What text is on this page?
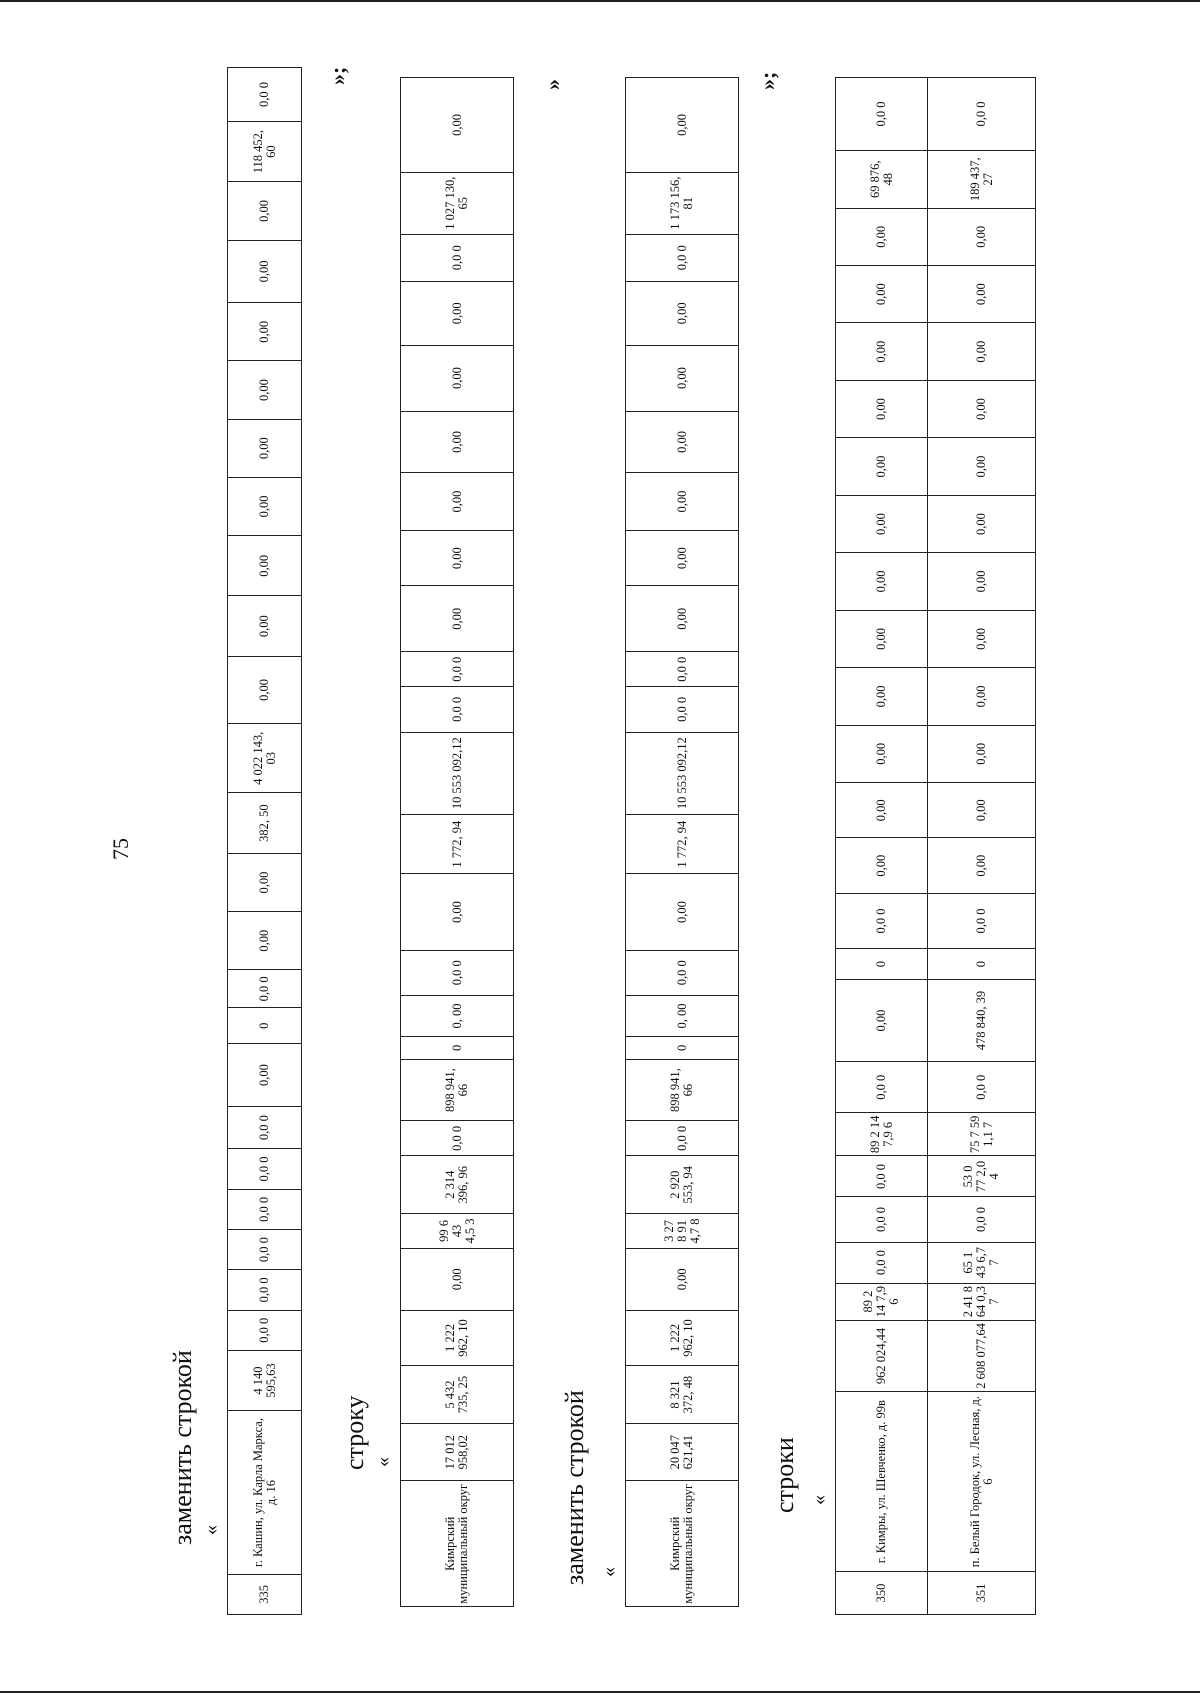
75
заменить строкой «
»;
335	г. Кашин, ул. Карла Маркса, д. 16		4 140 595,63	0,0 0	0,0 0	0,0 0	0,0 0	0,0 0	0,0 0	0,00	0	0,0 0	0,00	0,00	382, 50	4 022 143, 03	0,00	0,00	0,00	0,00	0,00	0,00	0,00	0,00	0,00	118 452, 60	0,0 0
строку «
»
	Кимрский муниципальный округ	17 012 958,02	5 432 735, 25	1 222 962, 10	0,00		99 6 43 4,5 3	2 314 396, 96	0,0 0	898 941, 66	0	0, 00	0,0 0	0,00	1 772, 94	10 553 092,12	0,0 0	0,0 0	0,00	0,00	0,00	0,00	0,00	0,00	0,0 0	1 027 130, 65	0,00
заменить строкой «
»;
	Кимрский муниципальный округ	20 047 621,41	8 321 372, 48	1 222 962, 10	0,00		3 27 8 91 4,7 8	2 920 553, 94	0,0 0	898 941, 66	0	0, 00	0,0 0	0,00	1 772, 94	10 553 092,12	0,0 0	0,0 0	0,00	0,00	0,00	0,00	0,00	0,00	0,0 0	1 173 156, 81	0,00
строки «
350	г. Кимры, ул. Шевченко, д. 99в	962 024,44	89 2 14 7,9 6	0,0 0	0,0 0	0,0 0	89 2 14 7,9 6	0,0 0	0,00	0	0,0 0	0,00	0,00	0,00	0,00	0,00	0,00	0,00	0,00	0,00	0,00	0,00	0,00	69 876, 48	0,0 0
351	п. Белый Городок, ул. Лесная, д. 6	2 608 077,64	2 41 8 64 0,3 7	65 1 43 6,7 7	0,0 0	53 0 77 2,0 4	75 7 59 1,1 7	0,0 0	478 840, 39	0	0,0 0	0,00	0,00	0,00	0,00	0,00	0,00	0,00	0,00	0,00	0,00	0,00	0,00	189 437, 27	0,0 0
